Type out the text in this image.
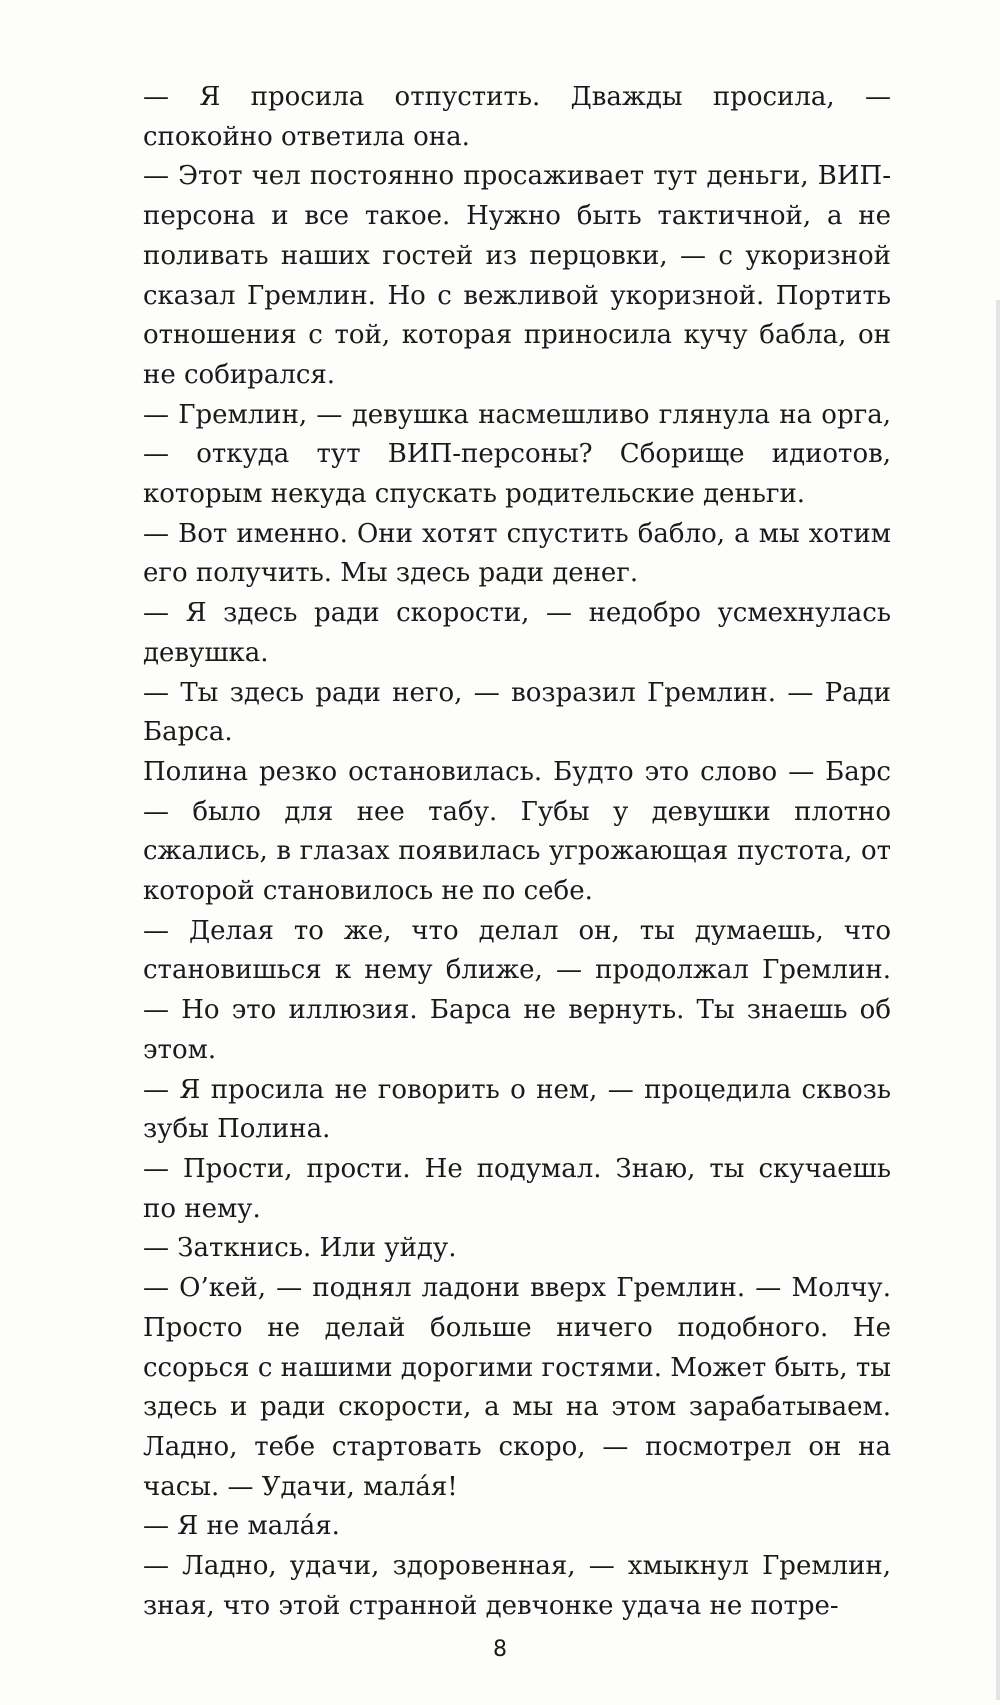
— Я просила отпустить. Дважды просила, — спокойно ответила она.

— Этот чел постоянно просаживает тут деньги, ВИП-персона и все такое. Нужно быть тактичной, а не поливать наших гостей из перцовки, — с укоризной сказал Гремлин. Но с вежливой укоризной. Портить отношения с той, которая приносила кучу бабла, он не собирался.

— Гремлин, — девушка насмешливо глянула на орга, — откуда тут ВИП-персоны? Сборище идиотов, которым некуда спускать родительские деньги.

— Вот именно. Они хотят спустить бабло, а мы хотим его получить. Мы здесь ради денег.

— Я здесь ради скорости, — недобро усмехнулась девушка.

— Ты здесь ради него, — возразил Гремлин. — Ради Барса.

Полина резко остановилась. Будто это слово — Барс — было для нее табу. Губы у девушки плотно сжались, в глазах появилась угрожающая пустота, от которой становилось не по себе.

— Делая то же, что делал он, ты думаешь, что становишься к нему ближе, — продолжал Гремлин. — Но это иллюзия. Барса не вернуть. Ты знаешь об этом.

— Я просила не говорить о нем, — процедила сквозь зубы Полина.

— Прости, прости. Не подумал. Знаю, ты скучаешь по нему.

— Заткнись. Или уйду.

— О’кей, — поднял ладони вверх Гремлин. — Молчу. Просто не делай больше ничего подобного. Не ссорься с нашими дорогими гостями. Может быть, ты здесь и ради скорости, а мы на этом зарабатываем. Ладно, тебе стартовать скоро, — посмотрел он на часы. — Удачи, мала́я!

— Я не мала́я.

— Ладно, удачи, здоровенная, — хмыкнул Гремлин, зная, что этой странной девчонке удача не потре-

8
